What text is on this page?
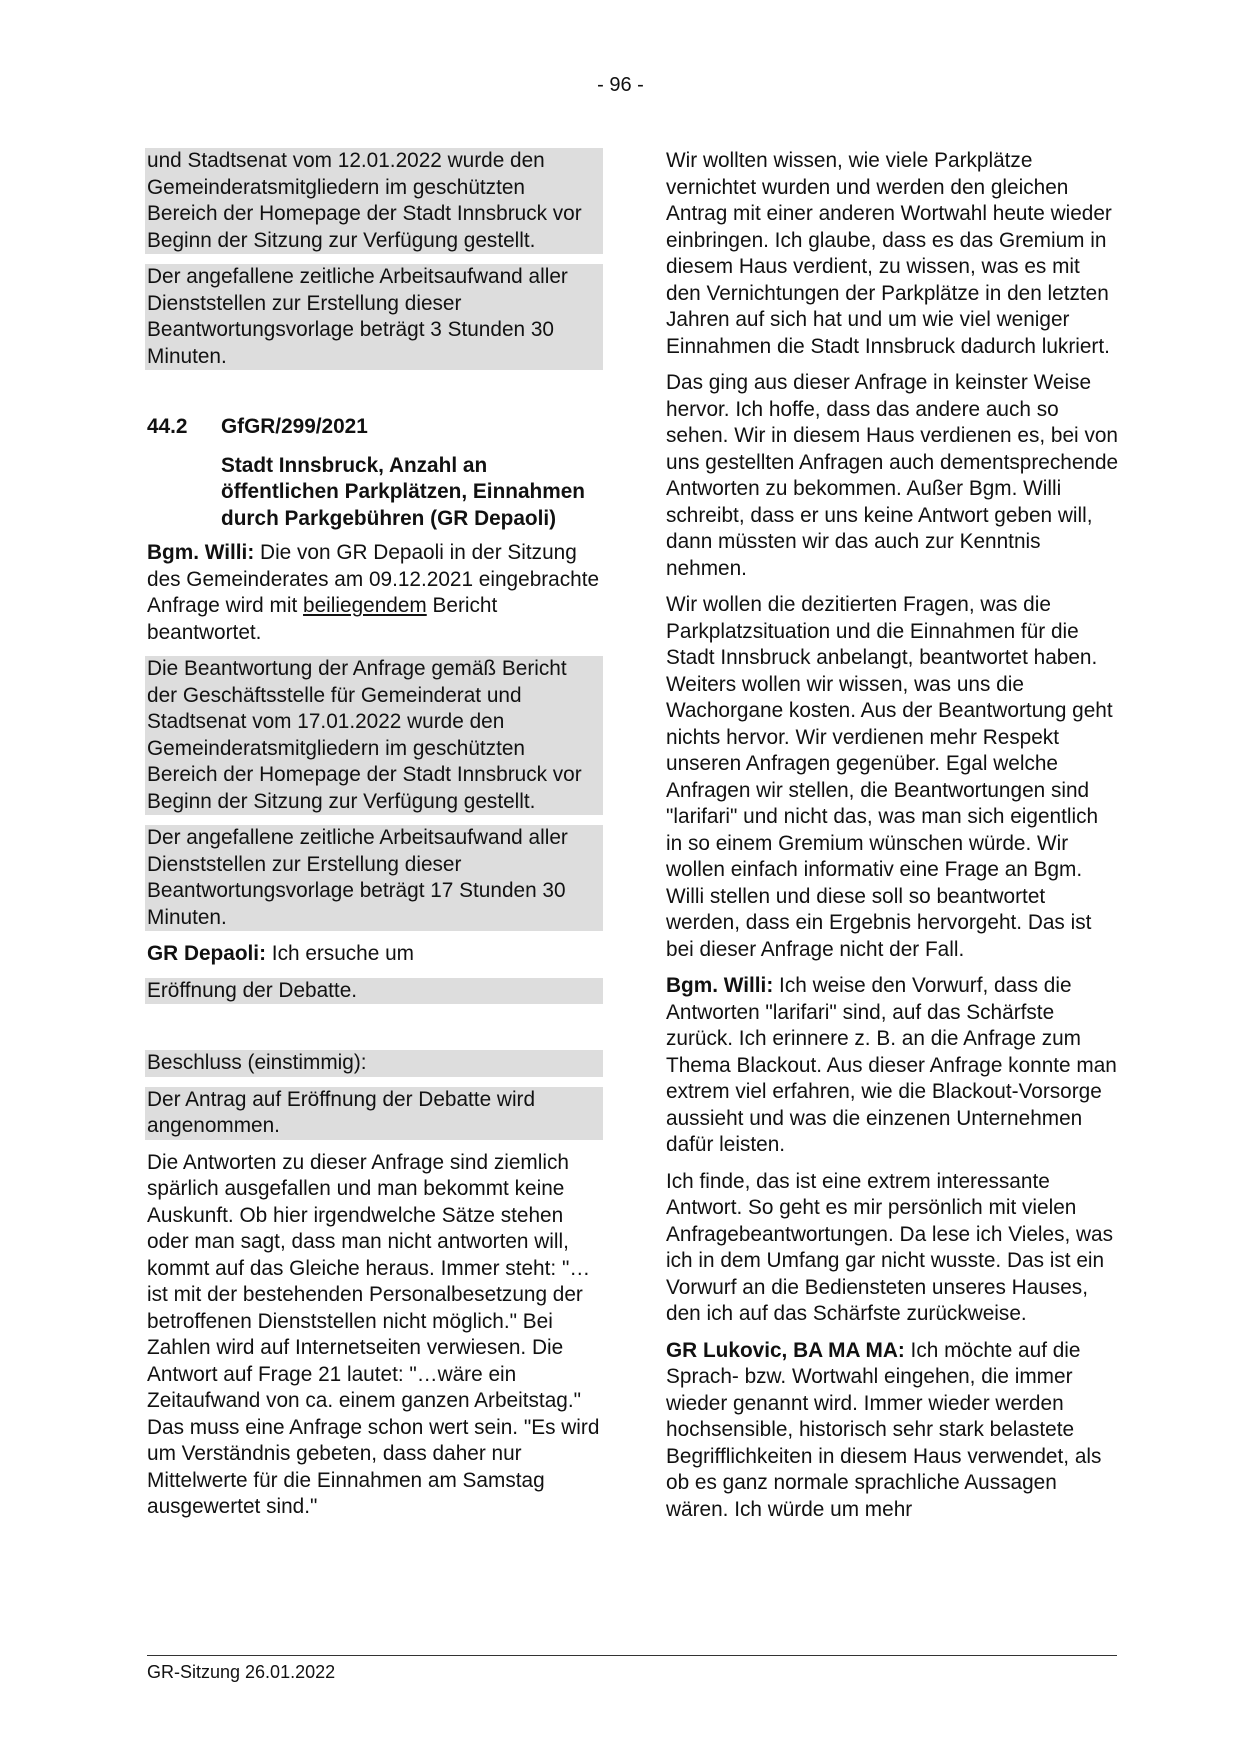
- 96 -
und Stadtsenat vom 12.01.2022 wurde den Gemeinderatsmitgliedern im geschützten Bereich der Homepage der Stadt Innsbruck vor Beginn der Sitzung zur Verfügung gestellt.
Der angefallene zeitliche Arbeitsaufwand aller Dienststellen zur Erstellung dieser Beantwortungsvorlage beträgt 3 Stunden 30 Minuten.
44.2	GfGR/299/2021
Stadt Innsbruck, Anzahl an öffentlichen Parkplätzen, Einnahmen durch Parkgebühren (GR Depaoli)
Bgm. Willi: Die von GR Depaoli in der Sitzung des Gemeinderates am 09.12.2021 eingebrachte Anfrage wird mit beiliegendem Bericht beantwortet.
Die Beantwortung der Anfrage gemäß Bericht der Geschäftsstelle für Gemeinderat und Stadtsenat vom 17.01.2022 wurde den Gemeinderatsmitgliedern im geschützten Bereich der Homepage der Stadt Innsbruck vor Beginn der Sitzung zur Verfügung gestellt.
Der angefallene zeitliche Arbeitsaufwand aller Dienststellen zur Erstellung dieser Beantwortungsvorlage beträgt 17 Stunden 30 Minuten.
GR Depaoli: Ich ersuche um
Eröffnung der Debatte.
Beschluss (einstimmig):
Der Antrag auf Eröffnung der Debatte wird angenommen.
Die Antworten zu dieser Anfrage sind ziemlich spärlich ausgefallen und man bekommt keine Auskunft. Ob hier irgendwelche Sätze stehen oder man sagt, dass man nicht antworten will, kommt auf das Gleiche heraus. Immer steht: "…ist mit der bestehenden Personalbesetzung der betroffenen Dienststellen nicht möglich." Bei Zahlen wird auf Internetseiten verwiesen. Die Antwort auf Frage 21 lautet: "…wäre ein Zeitaufwand von ca. einem ganzen Arbeitstag." Das muss eine Anfrage schon wert sein. "Es wird um Verständnis gebeten, dass daher nur Mittelwerte für die Einnahmen am Samstag ausgewertet sind."
Wir wollten wissen, wie viele Parkplätze vernichtet wurden und werden den gleichen Antrag mit einer anderen Wortwahl heute wieder einbringen. Ich glaube, dass es das Gremium in diesem Haus verdient, zu wissen, was es mit den Vernichtungen der Parkplätze in den letzten Jahren auf sich hat und um wie viel weniger Einnahmen die Stadt Innsbruck dadurch lukriert.
Das ging aus dieser Anfrage in keinster Weise hervor. Ich hoffe, dass das andere auch so sehen. Wir in diesem Haus verdienen es, bei von uns gestellten Anfragen auch dementsprechende Antworten zu bekommen. Außer Bgm. Willi schreibt, dass er uns keine Antwort geben will, dann müssten wir das auch zur Kenntnis nehmen.
Wir wollen die dezitierten Fragen, was die Parkplatzsituation und die Einnahmen für die Stadt Innsbruck anbelangt, beantwortet haben. Weiters wollen wir wissen, was uns die Wachorgane kosten. Aus der Beantwortung geht nichts hervor. Wir verdienen mehr Respekt unseren Anfragen gegenüber. Egal welche Anfragen wir stellen, die Beantwortungen sind "larifari" und nicht das, was man sich eigentlich in so einem Gremium wünschen würde. Wir wollen einfach informativ eine Frage an Bgm. Willi stellen und diese soll so beantwortet werden, dass ein Ergebnis hervorgeht. Das ist bei dieser Anfrage nicht der Fall.
Bgm. Willi: Ich weise den Vorwurf, dass die Antworten "larifari" sind, auf das Schärfste zurück. Ich erinnere z. B. an die Anfrage zum Thema Blackout. Aus dieser Anfrage konnte man extrem viel erfahren, wie die Blackout-Vorsorge aussieht und was die einzenen Unternehmen dafür leisten.
Ich finde, das ist eine extrem interessante Antwort. So geht es mir persönlich mit vielen Anfragebeantwortungen. Da lese ich Vieles, was ich in dem Umfang gar nicht wusste. Das ist ein Vorwurf an die Bediensteten unseres Hauses, den ich auf das Schärfste zurückweise.
GR Lukovic, BA MA MA: Ich möchte auf die Sprach- bzw. Wortwahl eingehen, die immer wieder genannt wird. Immer wieder werden hochsensible, historisch sehr stark belastete Begrifflichkeiten in diesem Haus verwendet, als ob es ganz normale sprachliche Aussagen wären. Ich würde um mehr
GR-Sitzung 26.01.2022
